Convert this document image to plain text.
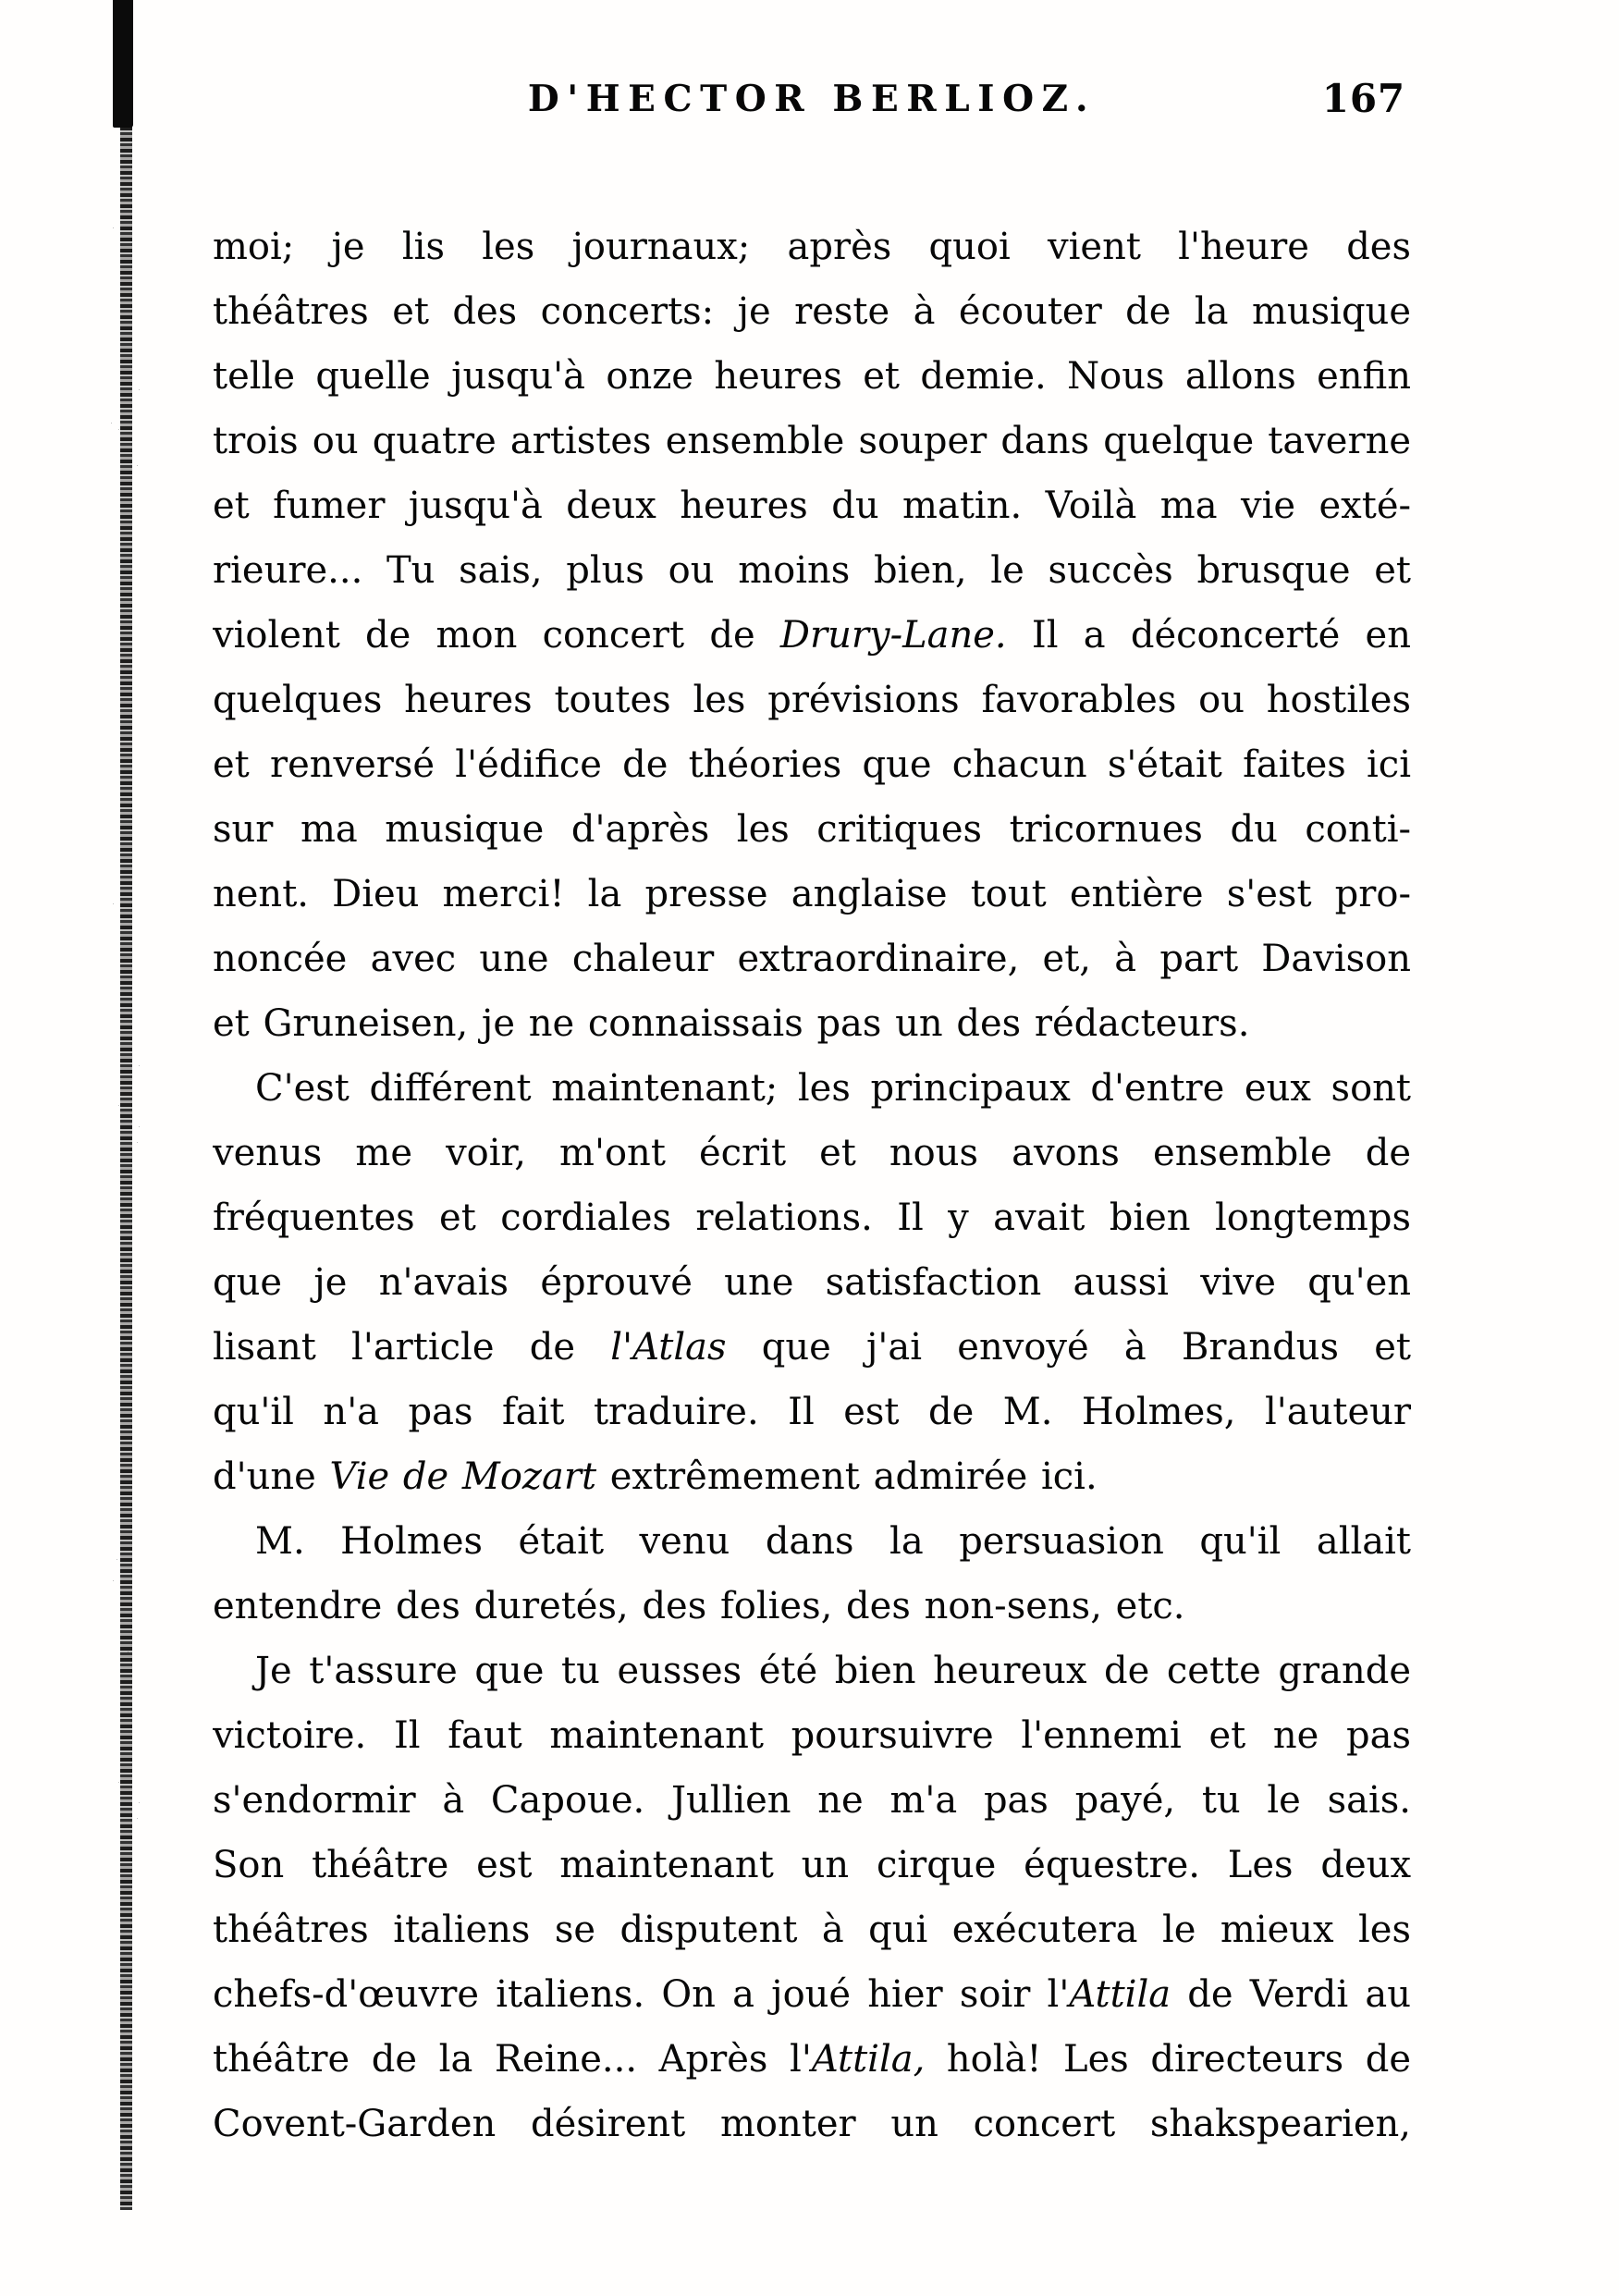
D'HECTOR BERLIOZ.	167
moi; je lis les journaux; après quoi vient l'heure des
théâtres et des concerts: je reste à écouter de la musique
telle quelle jusqu'à onze heures et demie. Nous allons enfin
trois ou quatre artistes ensemble souper dans quelque taverne
et fumer jusqu'à deux heures du matin. Voilà ma vie exté-
rieure... Tu sais, plus ou moins bien, le succès brusque et
violent de mon concert de Drury-Lane. Il a déconcerté en
quelques heures toutes les prévisions favorables ou hostiles
et renversé l'édifice de théories que chacun s'était faites ici
sur ma musique d'après les critiques tricornues du conti-
nent. Dieu merci! la presse anglaise tout entière s'est pro-
noncée avec une chaleur extraordinaire, et, à part Davison
et Gruneisen, je ne connaissais pas un des rédacteurs.
C'est différent maintenant; les principaux d'entre eux sont
venus me voir, m'ont écrit et nous avons ensemble de
fréquentes et cordiales relations. Il y avait bien longtemps
que je n'avais éprouvé une satisfaction aussi vive qu'en
lisant l'article de l'Atlas que j'ai envoyé à Brandus et
qu'il n'a pas fait traduire. Il est de M. Holmes, l'auteur
d'une Vie de Mozart extrêmement admirée ici.
M. Holmes était venu dans la persuasion qu'il allait
entendre des duretés, des folies, des non-sens, etc.
Je t'assure que tu eusses été bien heureux de cette grande
victoire. Il faut maintenant poursuivre l'ennemi et ne pas
s'endormir à Capoue. Jullien ne m'a pas payé, tu le sais.
Son théâtre est maintenant un cirque équestre. Les deux
théâtres italiens se disputent à qui exécutera le mieux les
chefs-d'œuvre italiens. On a joué hier soir l'Attila de Verdi au
théâtre de la Reine... Après l'Attila, holà! Les directeurs de
Covent-Garden désirent monter un concert shakspearien,
